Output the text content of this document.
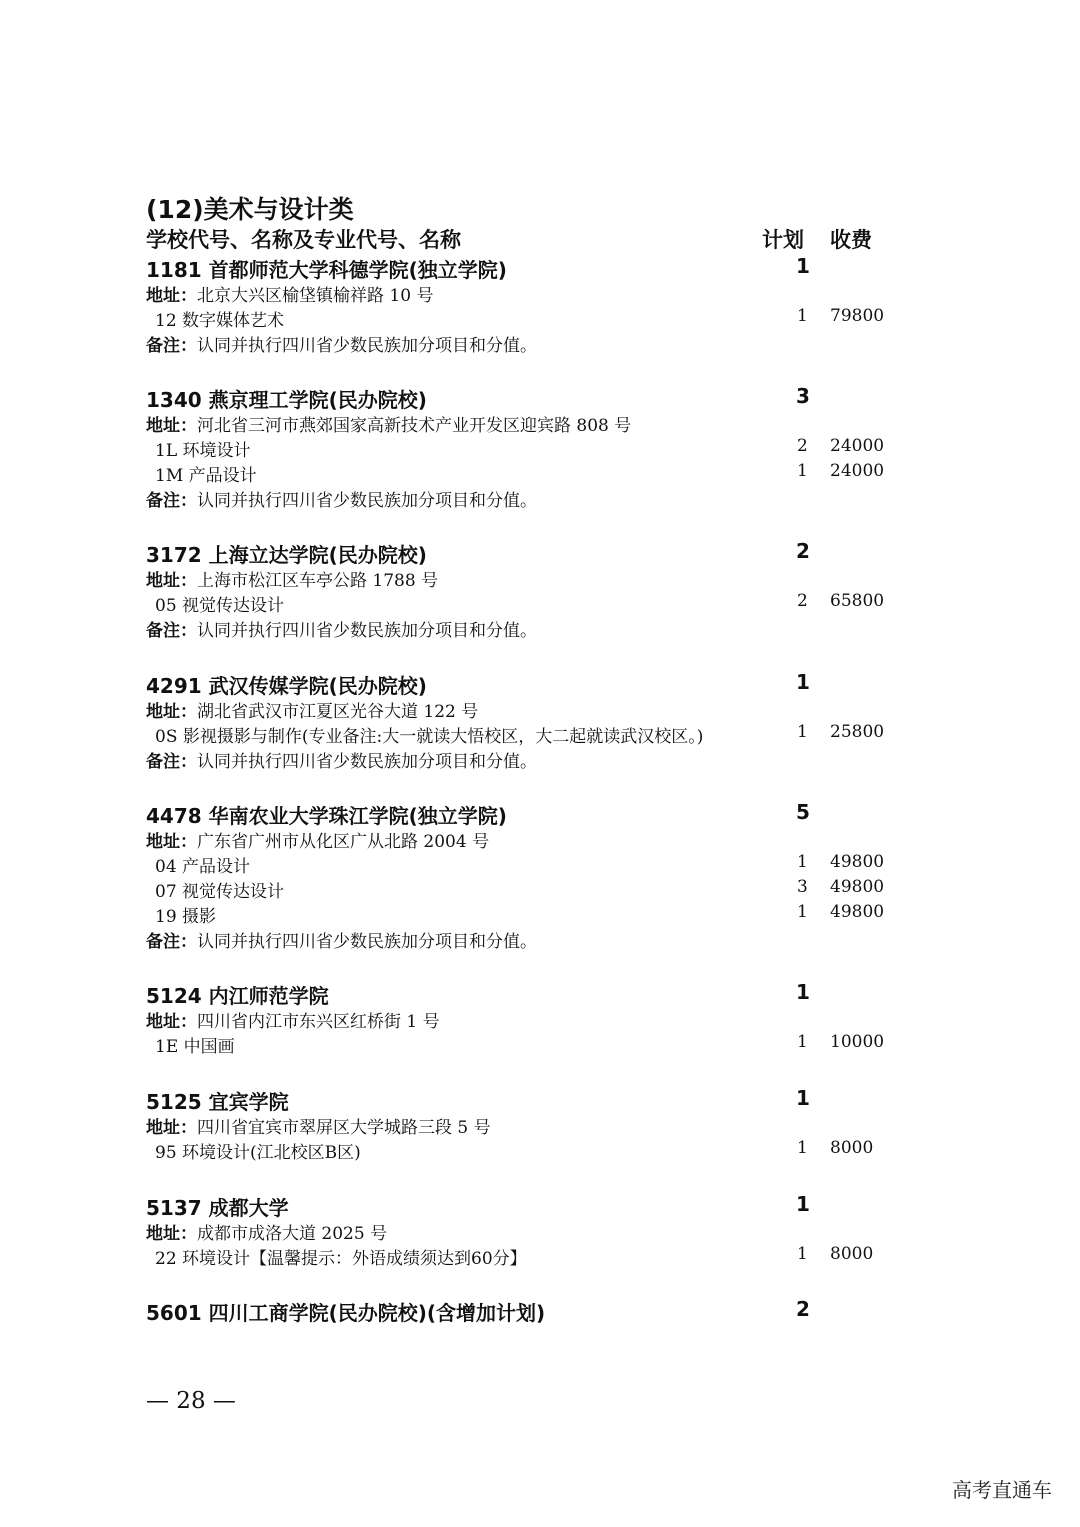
(12)美术与设计类
学校代号、名称及专业代号、名称	计划 收费
1181 首都师范大学科德学院(独立学院)	1
地址：北京大兴区榆垡镇榆祥路 10 号
12 数字媒体艺术	1 79800
备注：认同并执行四川省少数民族加分项目和分值。
1340 燕京理工学院(民办院校)	3
地址：河北省三河市燕郊国家高新技术产业开发区迎宾路 808 号
1L 环境设计	2 24000
1M 产品设计	1 24000
备注：认同并执行四川省少数民族加分项目和分值。
3172 上海立达学院(民办院校)	2
地址：上海市松江区车亭公路 1788 号
05 视觉传达设计	2 65800
备注：认同并执行四川省少数民族加分项目和分值。
4291 武汉传媒学院(民办院校)	1
地址：湖北省武汉市江夏区光谷大道 122 号
0S 影视摄影与制作(专业备注:大一就读大悟校区，大二起就读武汉校区。)	1 25800
备注：认同并执行四川省少数民族加分项目和分值。
4478 华南农业大学珠江学院(独立学院)	5
地址：广东省广州市从化区广从北路 2004 号
04 产品设计	1 49800
07 视觉传达设计	3 49800
19 摄影	1 49800
备注：认同并执行四川省少数民族加分项目和分值。
5124 内江师范学院	1
地址：四川省内江市东兴区红桥街 1 号
1E 中国画	1 10000
5125 宜宾学院	1
地址：四川省宜宾市翠屏区大学城路三段 5 号
95 环境设计(江北校区B区)	1 8000
5137 成都大学	1
地址：成都市成洛大道 2025 号
22 环境设计【温馨提示：外语成绩须达到60分】	1 8000
5601 四川工商学院(民办院校)(含增加计划)	2
— 28 —
高考直通车
